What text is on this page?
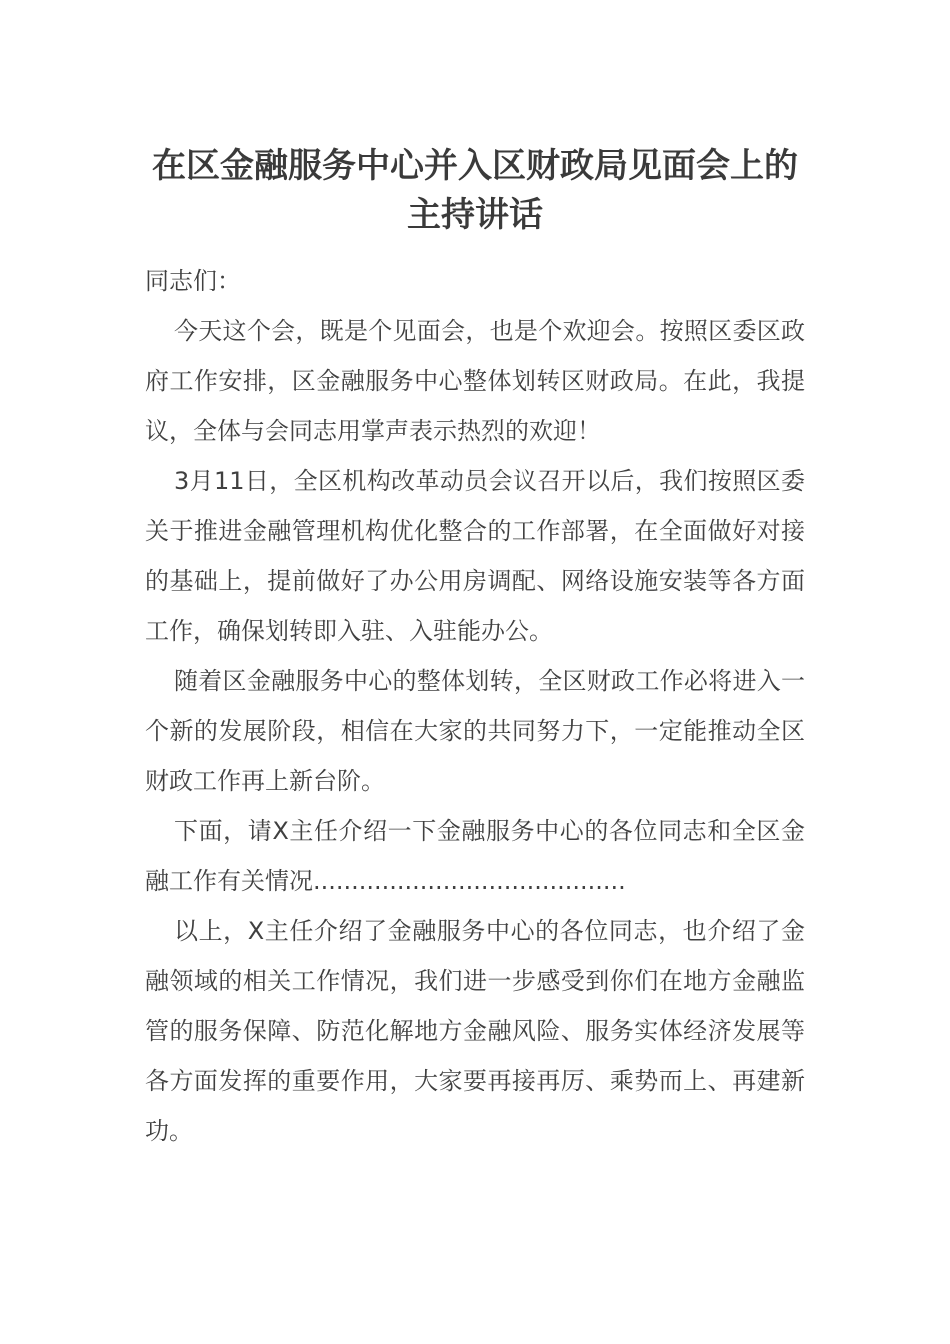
在区金融服务中心并入区财政局见面会上的主持讲话

同志们：

今天这个会，既是个见面会，也是个欢迎会。按照区委区政府工作安排，区金融服务中心整体划转区财政局。在此，我提议，全体与会同志用掌声表示热烈的欢迎！

3月11日，全区机构改革动员会议召开以后，我们按照区委关于推进金融管理机构优化整合的工作部署，在全面做好对接的基础上，提前做好了办公用房调配、网络设施安装等各方面工作，确保划转即入驻、入驻能办公。

随着区金融服务中心的整体划转，全区财政工作必将进入一个新的发展阶段，相信在大家的共同努力下，一定能推动全区财政工作再上新台阶。

下面，请X主任介绍一下金融服务中心的各位同志和全区金融工作有关情况.........................................

以上，X主任介绍了金融服务中心的各位同志，也介绍了金融领域的相关工作情况，我们进一步感受到你们在地方金融监管的服务保障、防范化解地方金融风险、服务实体经济发展等各方面发挥的重要作用，大家要再接再厉、乘势而上、再建新功。
